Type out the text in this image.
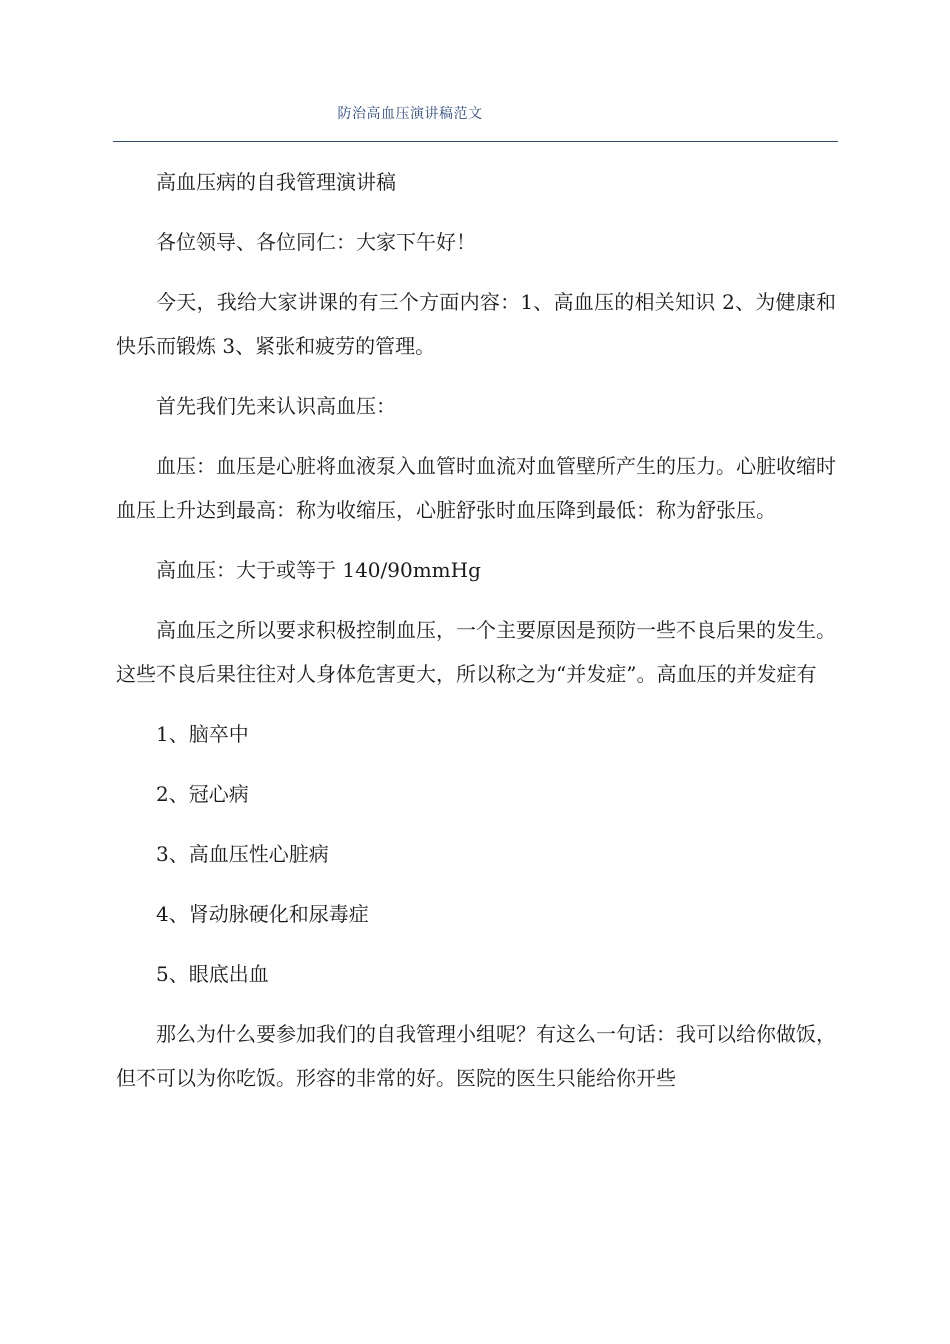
防治高血压演讲稿范文

高血压病的自我管理演讲稿

各位领导、各位同仁：大家下午好！

今天，我给大家讲课的有三个方面内容：1、高血压的相关知识 2、为健康和快乐而锻炼 3、紧张和疲劳的管理。

首先我们先来认识高血压：

血压：血压是心脏将血液泵入血管时血流对血管壁所产生的压力。心脏收缩时血压上升达到最高：称为收缩压，心脏舒张时血压降到最低：称为舒张压。

高血压：大于或等于 140/90mmHg

高血压之所以要求积极控制血压，一个主要原因是预防一些不良后果的发生。这些不良后果往往对人身体危害更大，所以称之为“并发症”。高血压的并发症有

1、脑卒中
2、冠心病
3、高血压性心脏病
4、肾动脉硬化和尿毒症
5、眼底出血

那么为什么要参加我们的自我管理小组呢？有这么一句话：我可以给你做饭，但不可以为你吃饭。形容的非常的好。医院的医生只能给你开些
